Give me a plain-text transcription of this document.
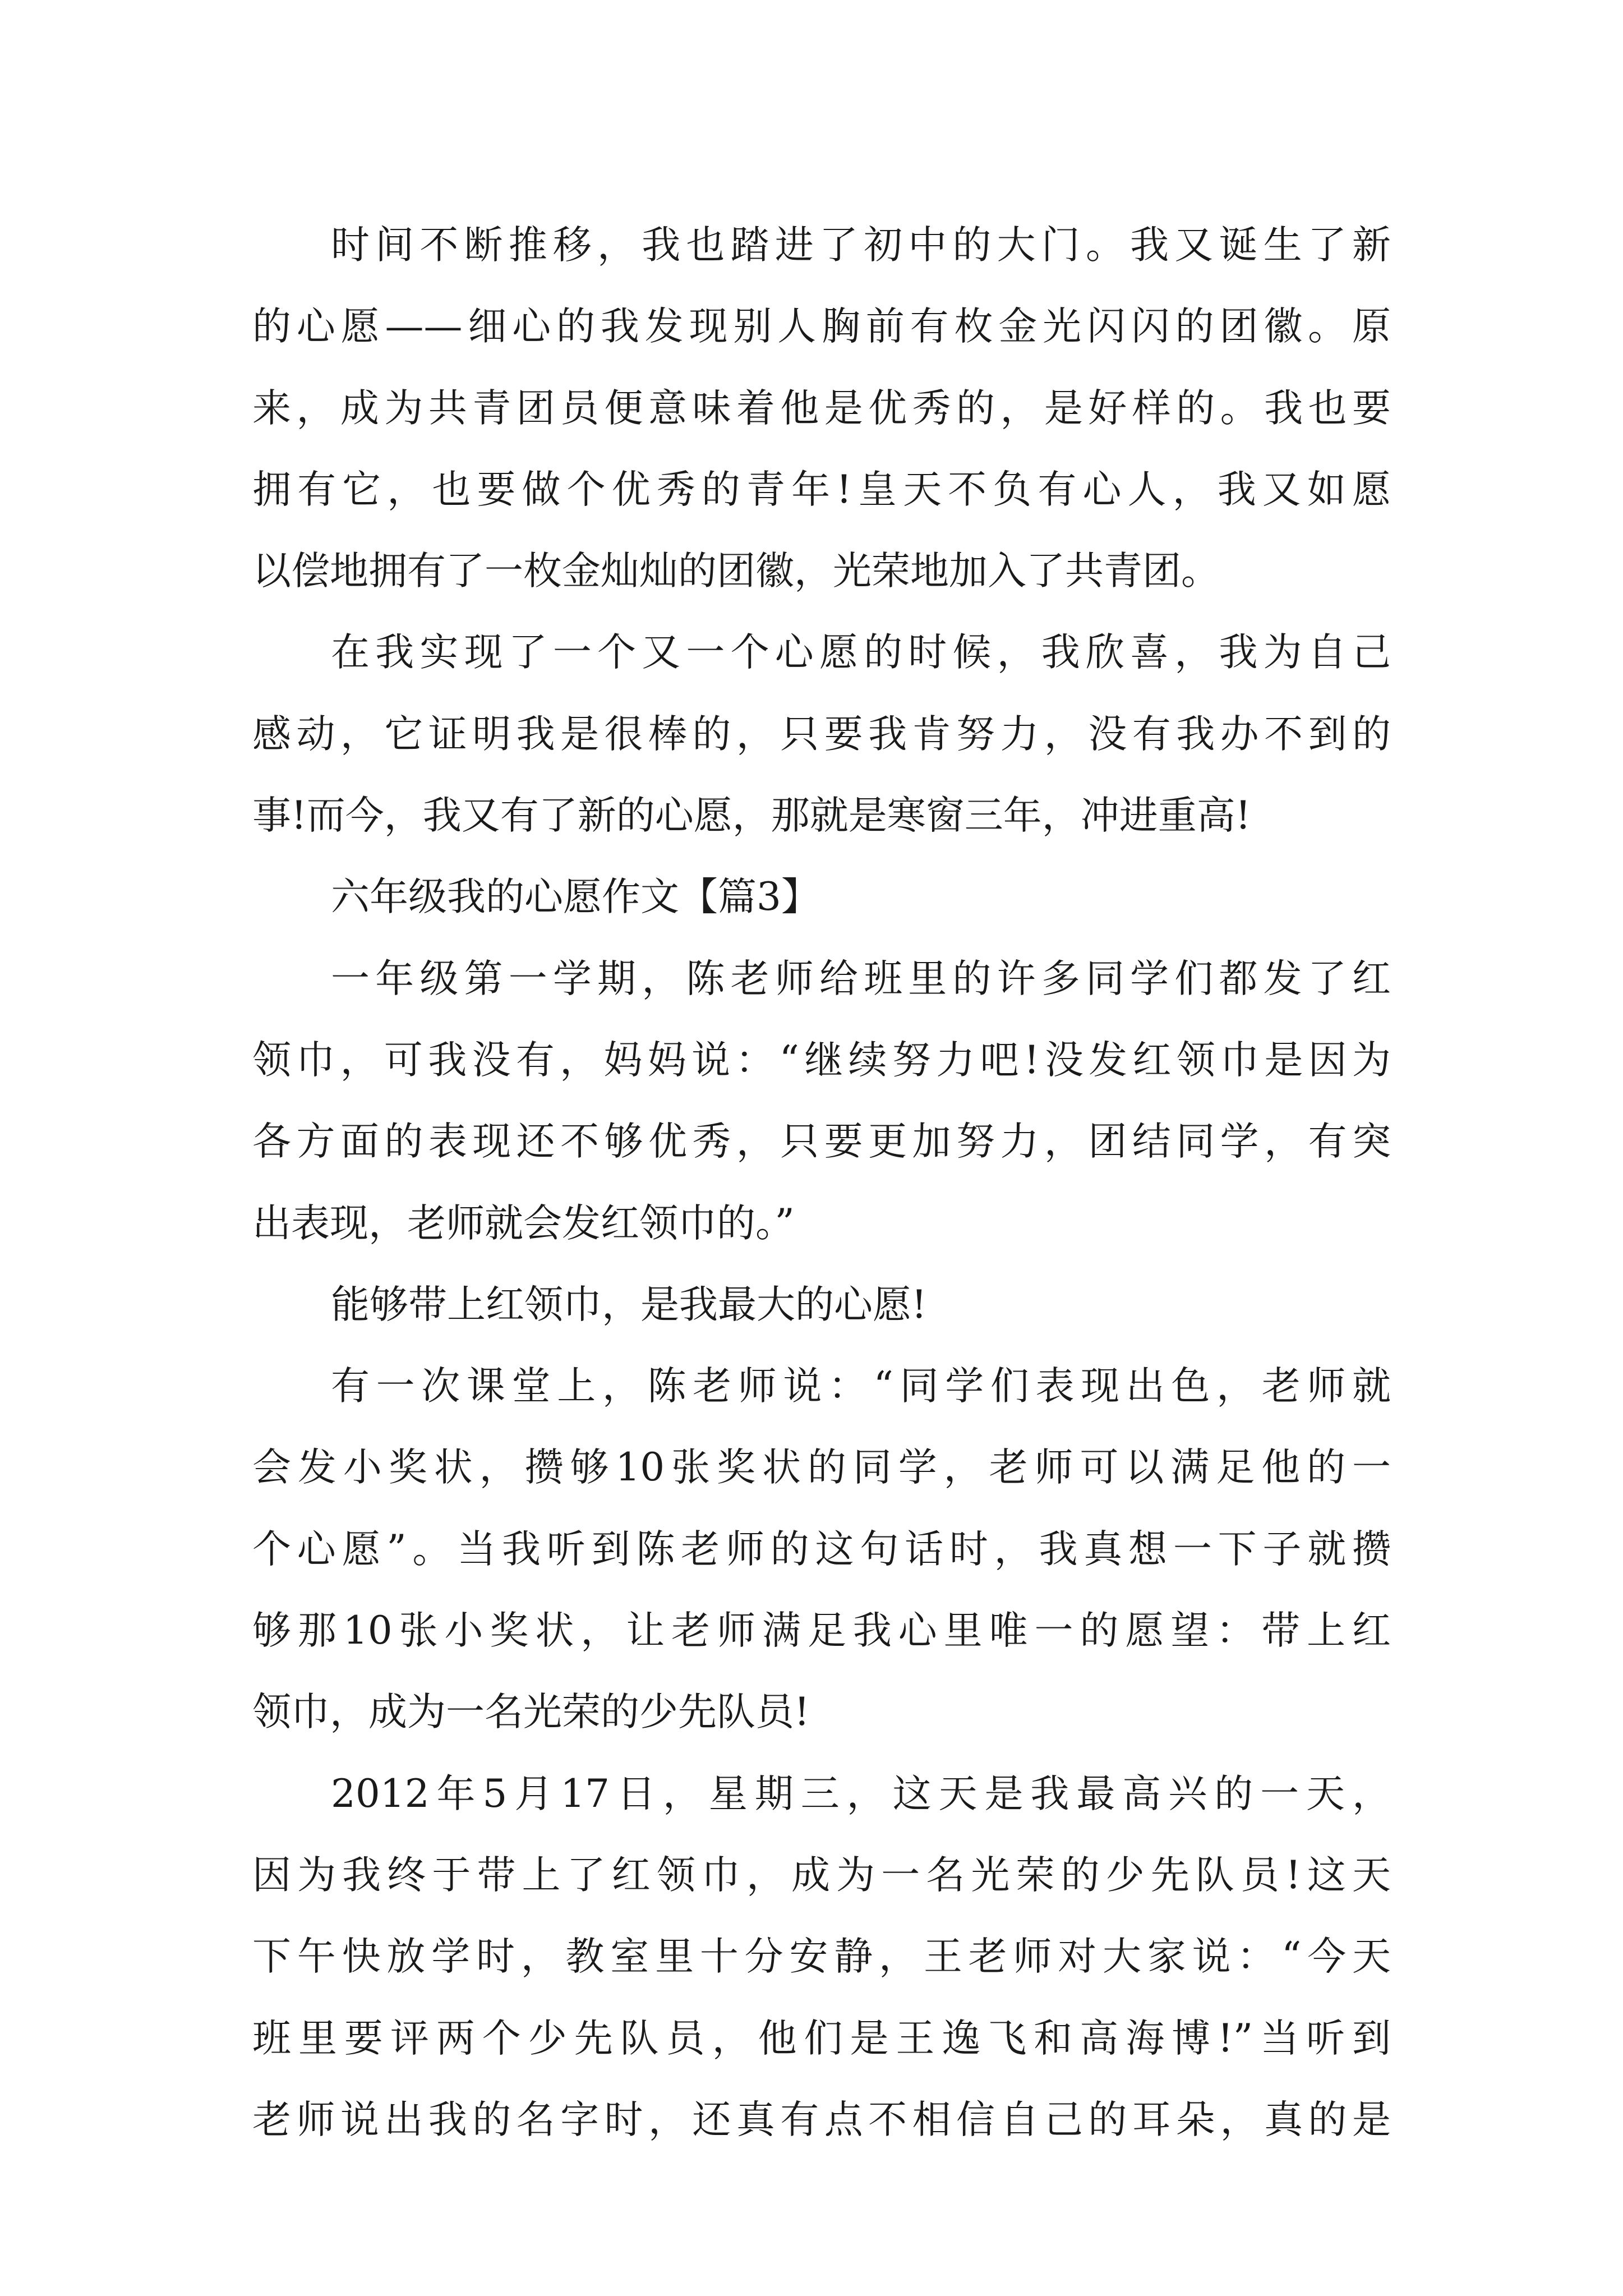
时间不断推移，我也踏进了初中的大门。我又诞生了新
的心愿——细心的我发现别人胸前有枚金光闪闪的团徽。原
来，成为共青团员便意味着他是优秀的，是好样的。我也要
拥有它，也要做个优秀的青年!皇天不负有心人，我又如愿
以偿地拥有了一枚金灿灿的团徽，光荣地加入了共青团。
在我实现了一个又一个心愿的时候，我欣喜，我为自己
感动，它证明我是很棒的，只要我肯努力，没有我办不到的
事!而今，我又有了新的心愿，那就是寒窗三年，冲进重高!
六年级我的心愿作文【篇3】
一年级第一学期，陈老师给班里的许多同学们都发了红
领巾，可我没有，妈妈说：“继续努力吧!没发红领巾是因为
各方面的表现还不够优秀，只要更加努力，团结同学，有突
出表现，老师就会发红领巾的。”
能够带上红领巾，是我最大的心愿!
有一次课堂上，陈老师说：“同学们表现出色，老师就
会发小奖状，攒够10张奖状的同学，老师可以满足他的一
个心愿”。当我听到陈老师的这句话时，我真想一下子就攒
够那10张小奖状，让老师满足我心里唯一的愿望：带上红
领巾，成为一名光荣的少先队员!
2012年5月17日，星期三，这天是我最高兴的一天，
因为我终于带上了红领巾，成为一名光荣的少先队员!这天
下午快放学时，教室里十分安静，王老师对大家说：“今天
班里要评两个少先队员，他们是王逸飞和高海博!”当听到
老师说出我的名字时，还真有点不相信自己的耳朵，真的是
